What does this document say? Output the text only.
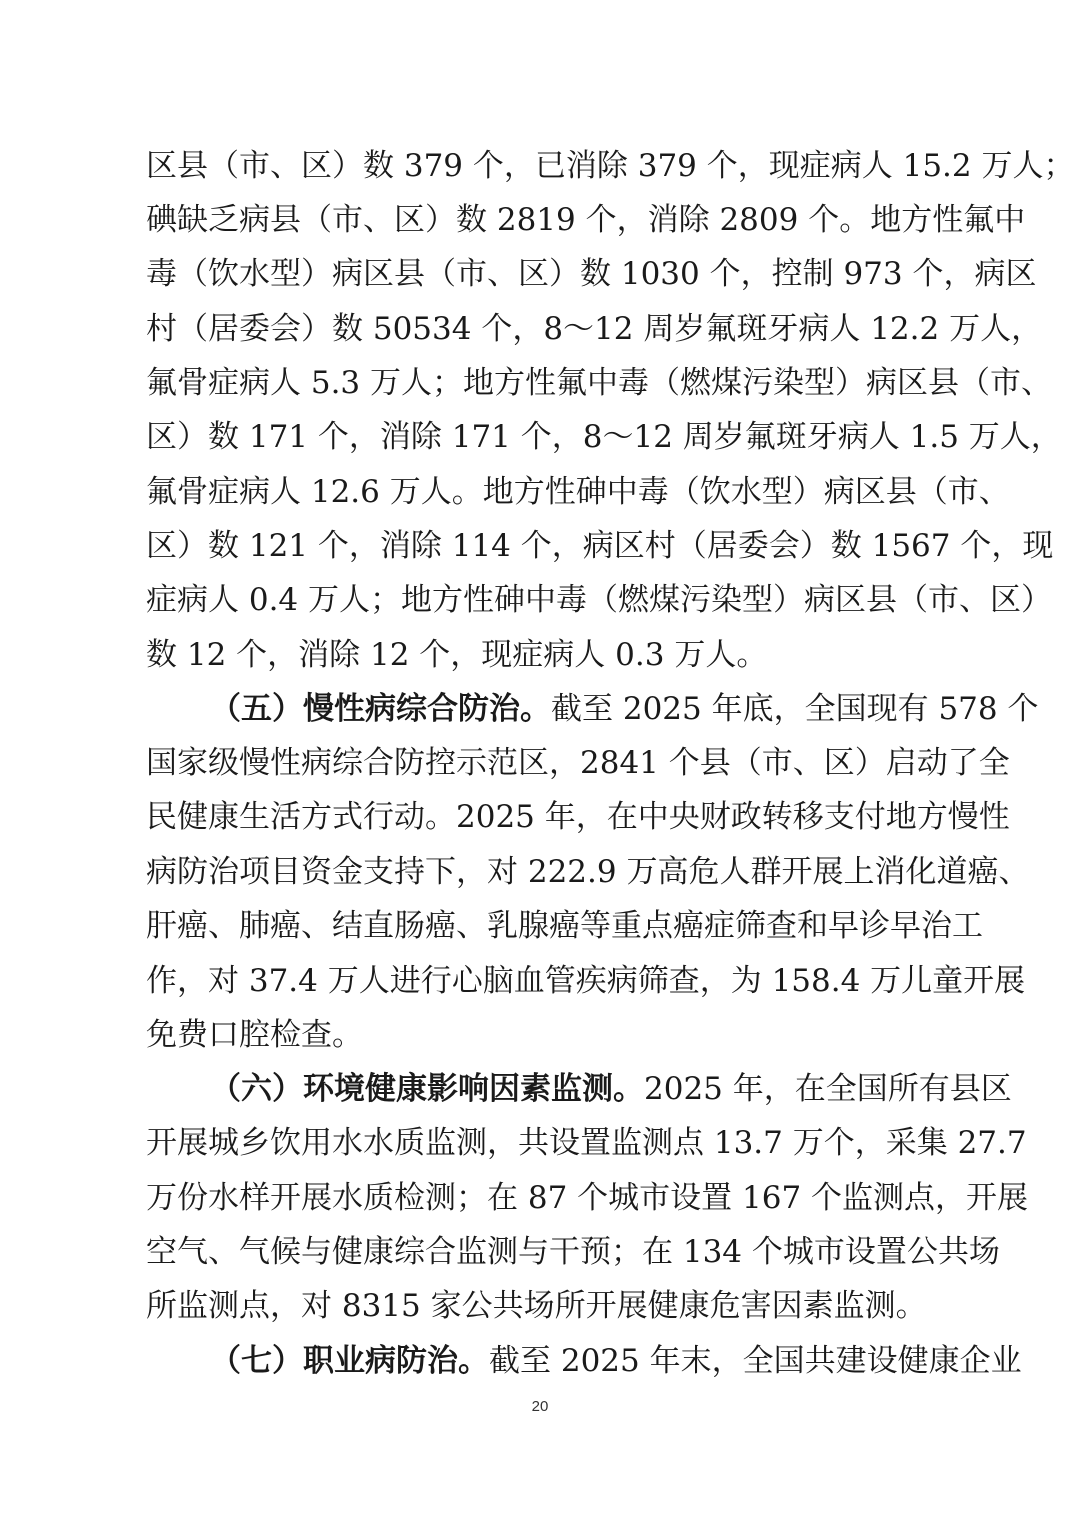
区县（市、区）数 379 个，已消除 379 个，现症病人 15.2 万人；
碘缺乏病县（市、区）数 2819 个，消除 2809 个。地方性氟中
毒（饮水型）病区县（市、区）数 1030 个，控制 973 个，病区
村（居委会）数 50534 个，8～12 周岁氟斑牙病人 12.2 万人，
氟骨症病人 5.3 万人；地方性氟中毒（燃煤污染型）病区县（市、
区）数 171 个，消除 171 个，8～12 周岁氟斑牙病人 1.5 万人，
氟骨症病人 12.6 万人。地方性砷中毒（饮水型）病区县（市、
区）数 121 个，消除 114 个，病区村（居委会）数 1567 个，现
症病人 0.4 万人；地方性砷中毒（燃煤污染型）病区县（市、区）
数 12 个，消除 12 个，现症病人 0.3 万人。
（五）慢性病综合防治。截至 2025 年底，全国现有 578 个
国家级慢性病综合防控示范区，2841 个县（市、区）启动了全
民健康生活方式行动。2025 年，在中央财政转移支付地方慢性
病防治项目资金支持下，对 222.9 万高危人群开展上消化道癌、
肝癌、肺癌、结直肠癌、乳腺癌等重点癌症筛查和早诊早治工
作，对 37.4 万人进行心脑血管疾病筛查，为 158.4 万儿童开展
免费口腔检查。
（六）环境健康影响因素监测。2025 年，在全国所有县区
开展城乡饮用水水质监测，共设置监测点 13.7 万个，采集 27.7
万份水样开展水质检测；在 87 个城市设置 167 个监测点，开展
空气、气候与健康综合监测与干预；在 134 个城市设置公共场
所监测点，对 8315 家公共场所开展健康危害因素监测。
（七）职业病防治。截至 2025 年末，全国共建设健康企业
20
